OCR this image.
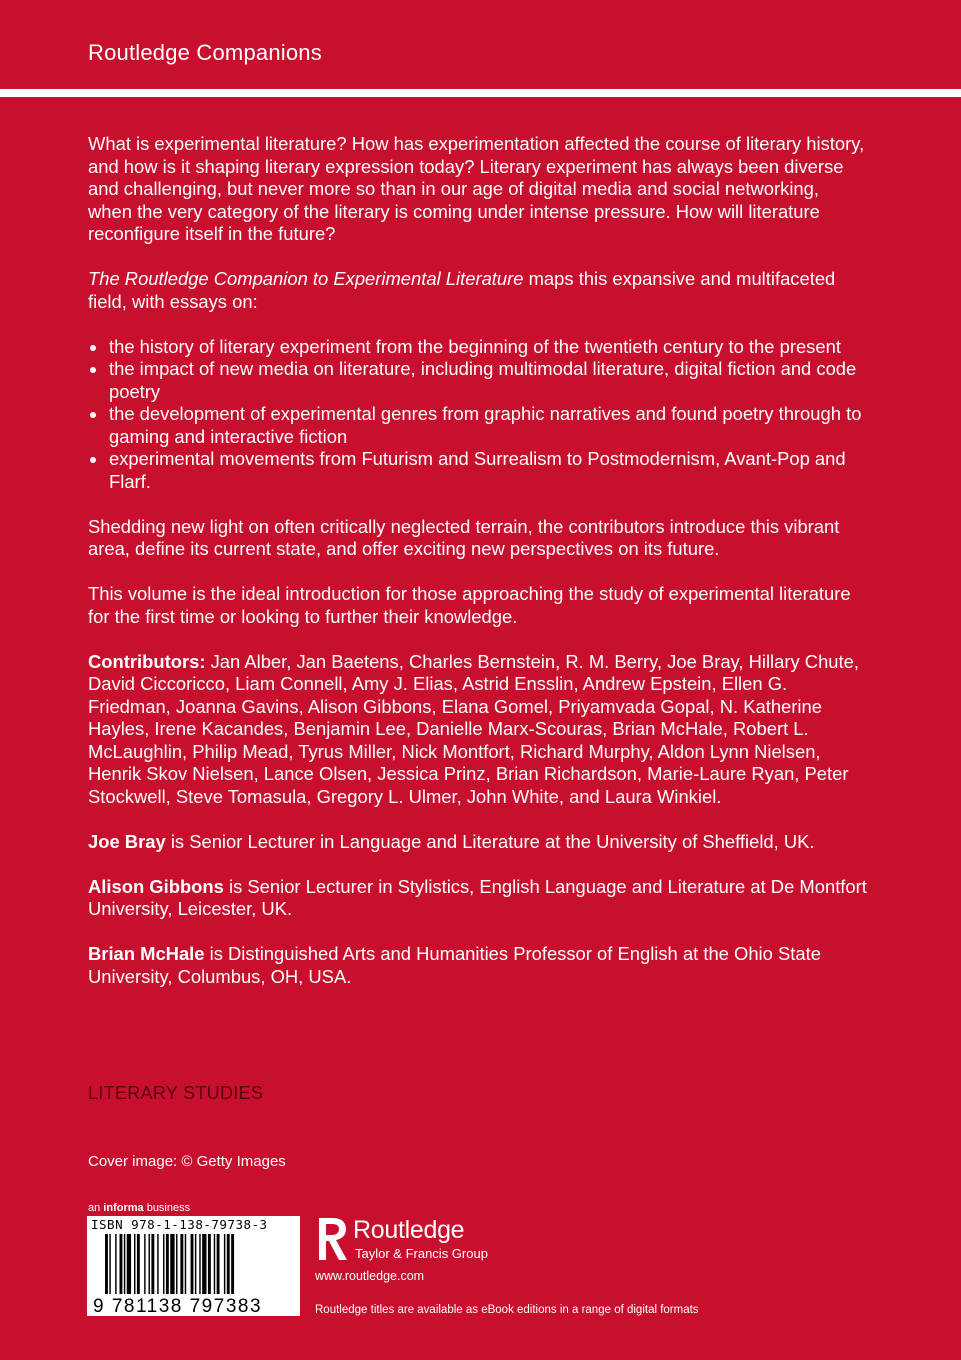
Routledge Companions

What is experimental literature? How has experimentation affected the course of literary history, and how is it shaping literary expression today? Literary experiment has always been diverse and challenging, but never more so than in our age of digital media and social networking, when the very category of the literary is coming under intense pressure. How will literature reconfigure itself in the future?

The Routledge Companion to Experimental Literature maps this expansive and multifaceted field, with essays on:

the history of literary experiment from the beginning of the twentieth century to the present
the impact of new media on literature, including multimodal literature, digital fiction and code poetry
the development of experimental genres from graphic narratives and found poetry through to gaming and interactive fiction
experimental movements from Futurism and Surrealism to Postmodernism, Avant-Pop and Flarf.

Shedding new light on often critically neglected terrain, the contributors introduce this vibrant area, define its current state, and offer exciting new perspectives on its future.

This volume is the ideal introduction for those approaching the study of experimental literature for the first time or looking to further their knowledge.

Contributors: Jan Alber, Jan Baetens, Charles Bernstein, R. M. Berry, Joe Bray, Hillary Chute, David Ciccoricco, Liam Connell, Amy J. Elias, Astrid Ensslin, Andrew Epstein, Ellen G. Friedman, Joanna Gavins, Alison Gibbons, Elana Gomel, Priyamvada Gopal, N. Katherine Hayles, Irene Kacandes, Benjamin Lee, Danielle Marx-Scouras, Brian McHale, Robert L. McLaughlin, Philip Mead, Tyrus Miller, Nick Montfort, Richard Murphy, Aldon Lynn Nielsen, Henrik Skov Nielsen, Lance Olsen, Jessica Prinz, Brian Richardson, Marie-Laure Ryan, Peter Stockwell, Steve Tomasula, Gregory L. Ulmer, John White, and Laura Winkiel.

Joe Bray is Senior Lecturer in Language and Literature at the University of Sheffield, UK.

Alison Gibbons is Senior Lecturer in Stylistics, English Language and Literature at De Montfort University, Leicester, UK.

Brian McHale is Distinguished Arts and Humanities Professor of English at the Ohio State University, Columbus, OH, USA.

LITERARY STUDIES
Cover image: © Getty Images
an informa business
ISBN 978-1-138-79738-3
9 781138 797383
Routledge
Taylor & Francis Group
www.routledge.com
Routledge titles are available as eBook editions in a range of digital formats
